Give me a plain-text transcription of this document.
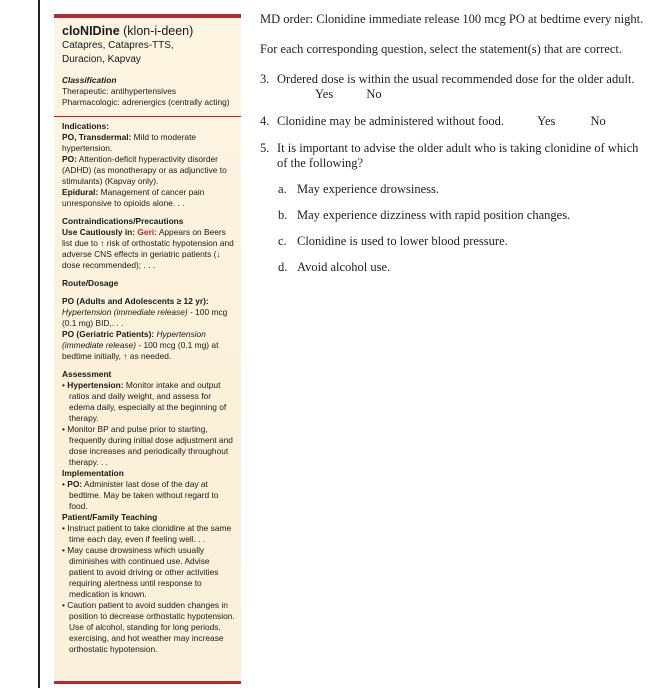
cloNIDine (klon-i-deen)
Catapres, Catapres-TTS,
Duracion, Kapvay
Classification
Therapeutic: antihypertensives
Pharmacologic: adrenergics (centrally acting)
Indications:
PO, Transdermal: Mild to moderate hypertension.
PO: Attention-deficit hyperactivity disorder (ADHD) (as monotherapy or as adjunctive to stimulants) (Kapvay only).
Epidural: Management of cancer pain unresponsive to opioids alone. . .
Contraindications/Precautions
Use Cautiously in: Geri: Appears on Beers list due to ↑ risk of orthostatic hypotension and adverse CNS effects in geriatric patients (↓ dose recommended); . . .
Route/Dosage
PO (Adults and Adolescents ≥ 12 yr):
Hypertension (immediate release) - 100 mcg (0.1 mg) BID,. . .
PO (Geriatric Patients): Hypertension (immediate release) - 100 mcg (0.1 mg) at bedtime initially, ↑ as needed.
Assessment
• Hypertension: Monitor intake and output ratios and daily weight, and assess for edema daily, especially at the beginning of therapy.
• Monitor BP and pulse prior to starting, frequently during initial dose adjustment and dose increases and periodically throughout therapy. . .
Implementation
• PO: Administer last dose of the day at bedtime. May be taken without regard to food.
Patient/Family Teaching
• Instruct patient to take clonidine at the same time each day, even if feeling well. . .
• May cause drowsiness which usually diminishes with continued use. Advise patient to avoid driving or other activities requiring alertness until response to medication is known.
• Caution patient to avoid sudden changes in position to decrease orthostatic hypotension. Use of alcohol, standing for long periods, exercising, and hot weather may increase orthostatic hypotension.

MD order: Clonidine immediate release 100 mcg PO at bedtime every night.

For each corresponding question, select the statement(s) that are correct.

3. Ordered dose is within the usual recommended dose for the older adult. Yes	No
4. Clonidine may be administered without food.	Yes	No
5. It is important to advise the older adult who is taking clonidine of which of the following?
a. May experience drowsiness.
b. May experience dizziness with rapid position changes.
c. Clonidine is used to lower blood pressure.
d. Avoid alcohol use.
